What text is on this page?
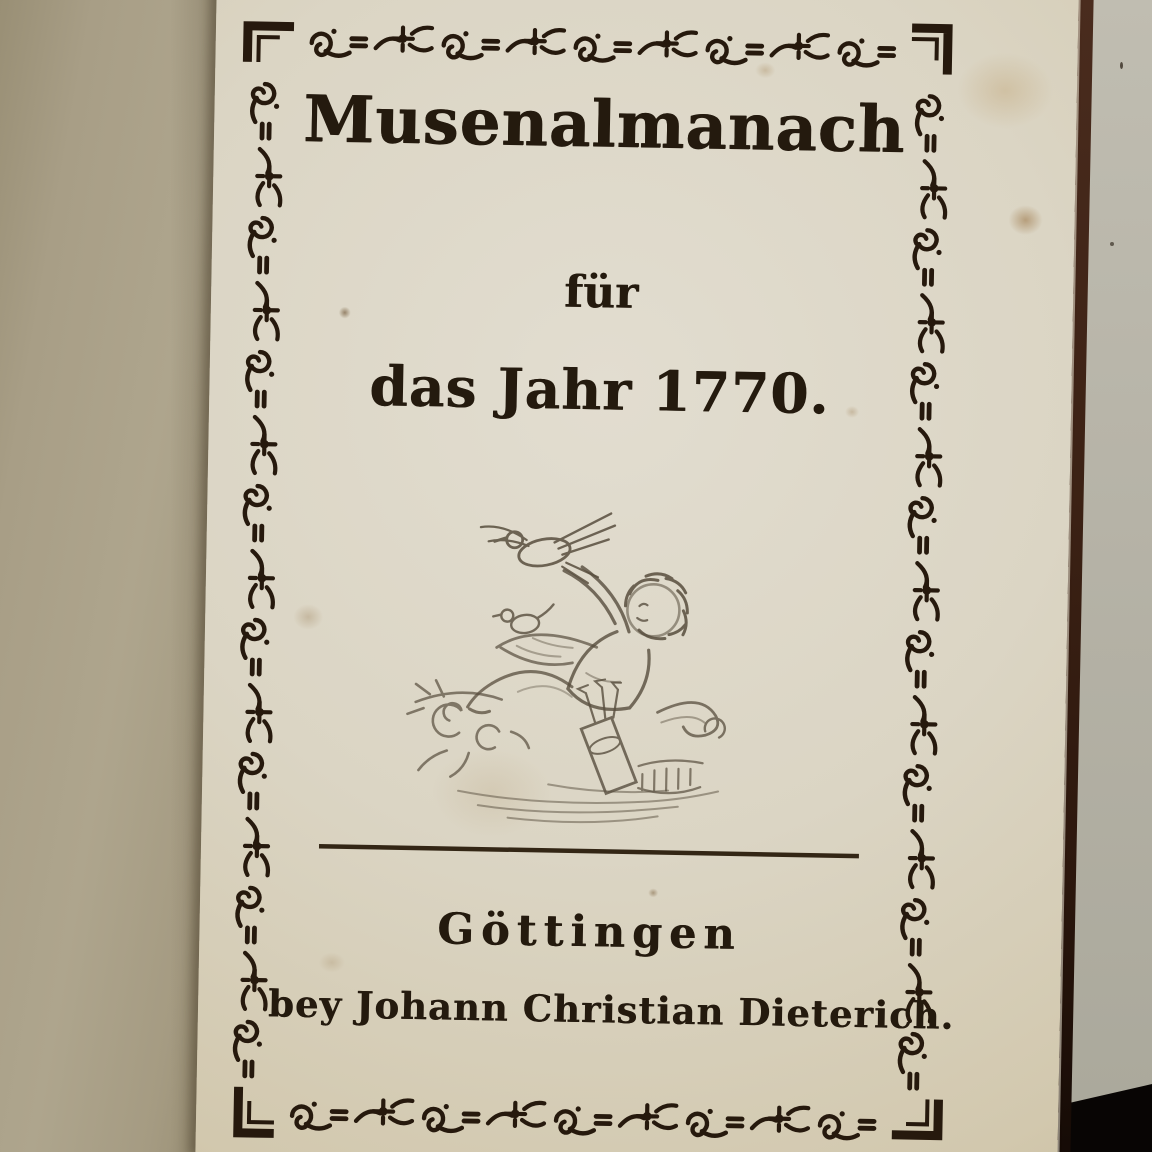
Musenalmanach
für
das Jahr 1770.
Göttingen
bey Johann Christian Dieterich.
